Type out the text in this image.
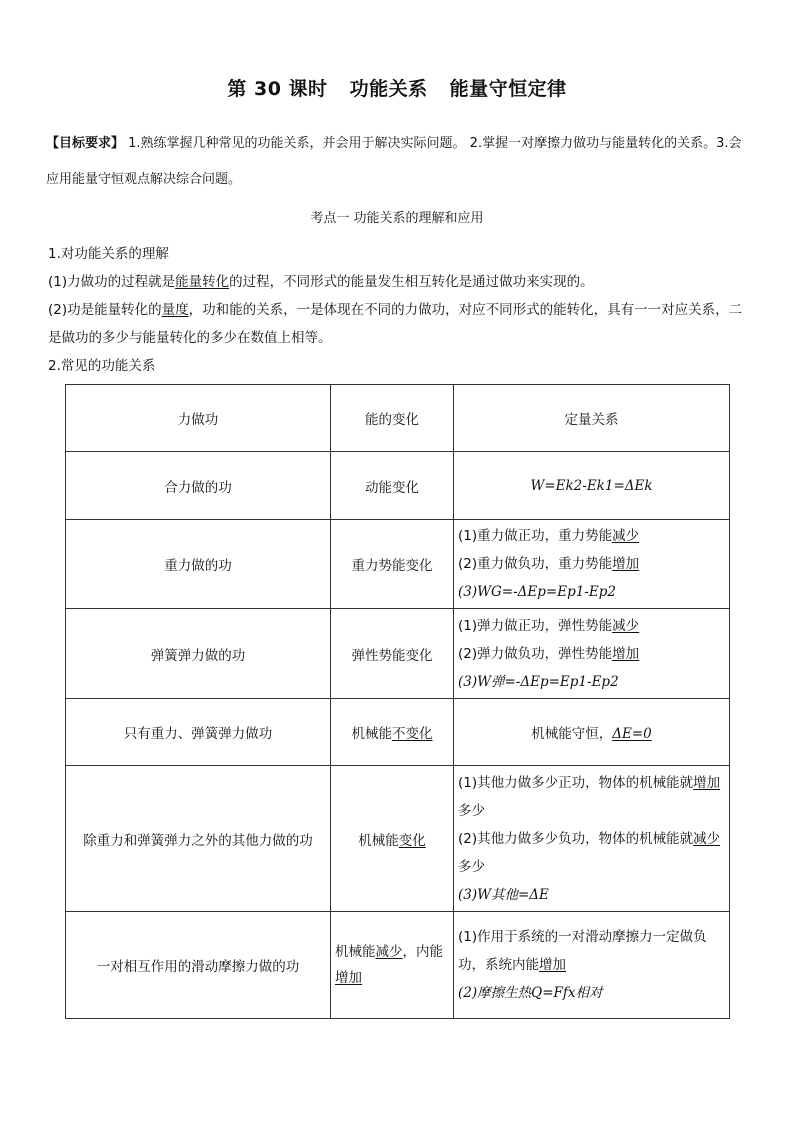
第 30 课时 功能关系 能量守恒定律
【目标要求】 1.熟练掌握几种常见的功能关系，并会用于解决实际问题。 2.掌握一对摩擦力做功与能量转化的关系。3.会应用能量守恒观点解决综合问题。
考点一 功能关系的理解和应用
1.对功能关系的理解
(1)力做功的过程就是能量转化的过程，不同形式的能量发生相互转化是通过做功来实现的。
(2)功是能量转化的量度，功和能的关系，一是体现在不同的力做功，对应不同形式的能转化，具有一一对应关系，二是做功的多少与能量转化的多少在数值上相等。
2.常见的功能关系
力做功	能的变化	定量关系
合力做的功	动能变化	W=Ek2-Ek1=ΔEk
重力做的功	重力势能变化	(1)重力做正功，重力势能减少
(2)重力做负功，重力势能增加
(3)WG=-ΔEp=Ep1-Ep2

弹簧弹力做的功	弹性势能变化	(1)弹力做正功，弹性势能减少
(2)弹力做负功，弹性势能增加
(3)W弹=-ΔEp=Ep1-Ep2

只有重力、弹簧弹力做功	机械能不变化	机械能守恒，ΔE=0
除重力和弹簧弹力之外的其他力做的功	机械能变化	(1)其他力做多少正功，物体的机械能就增加多少
(2)其他力做多少负功，物体的机械能就减少多少
(3)W其他=ΔE

一对相互作用的滑动摩擦力做的功	机械能减少，内能增加	(1)作用于系统的一对滑动摩擦力一定做负功，系统内能增加
(2)摩擦生热Q=Ffx相对
